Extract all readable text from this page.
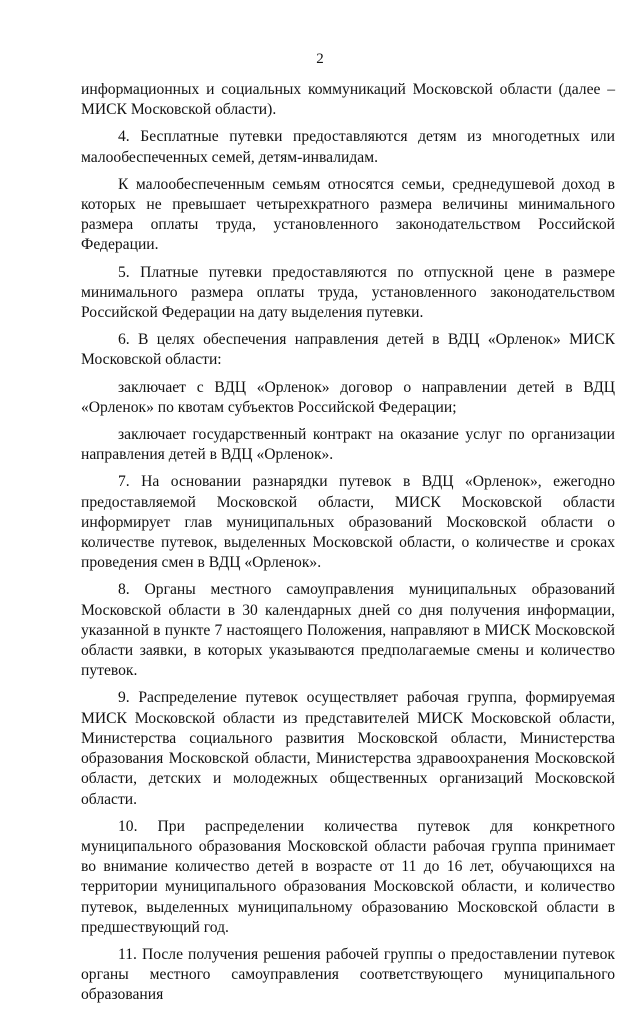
2

информационных и социальных коммуникаций Московской области (далее – МИСК Московской области).

4. Бесплатные путевки предоставляются детям из многодетных или малообеспеченных семей, детям-инвалидам.

К малообеспеченным семьям относятся семьи, среднедушевой доход в которых не превышает четырехкратного размера величины минимального размера оплаты труда, установленного законодательством Российской Федерации.

5. Платные путевки предоставляются по отпускной цене в размере минимального размера оплаты труда, установленного законодательством Российской Федерации на дату выделения путевки.

6. В целях обеспечения направления детей в ВДЦ «Орленок» МИСК Московской области:

заключает с ВДЦ «Орленок» договор о направлении детей в ВДЦ «Орленок» по квотам субъектов Российской Федерации;

заключает государственный контракт на оказание услуг по организации направления детей в ВДЦ «Орленок».

7. На основании разнарядки путевок в ВДЦ «Орленок», ежегодно предоставляемой Московской области, МИСК Московской области информирует глав муниципальных образований Московской области о количестве путевок, выделенных Московской области, о количестве и сроках проведения смен в ВДЦ «Орленок».

8. Органы местного самоуправления муниципальных образований Московской области в 30 календарных дней со дня получения информации, указанной в пункте 7 настоящего Положения, направляют в МИСК Московской области заявки, в которых указываются предполагаемые смены и количество путевок.

9. Распределение путевок осуществляет рабочая группа, формируемая МИСК Московской области из представителей МИСК Московской области, Министерства социального развития Московской области, Министерства образования Московской области, Министерства здравоохранения Московской области, детских и молодежных общественных организаций Московской области.

10. При распределении количества путевок для конкретного муниципального образования Московской области рабочая группа принимает во внимание количество детей в возрасте от 11 до 16 лет, обучающихся на территории муниципального образования Московской области, и количество путевок, выделенных муниципальному образованию Московской области в предшествующий год.

11. После получения решения рабочей группы о предоставлении путевок органы местного самоуправления соответствующего муниципального образования
